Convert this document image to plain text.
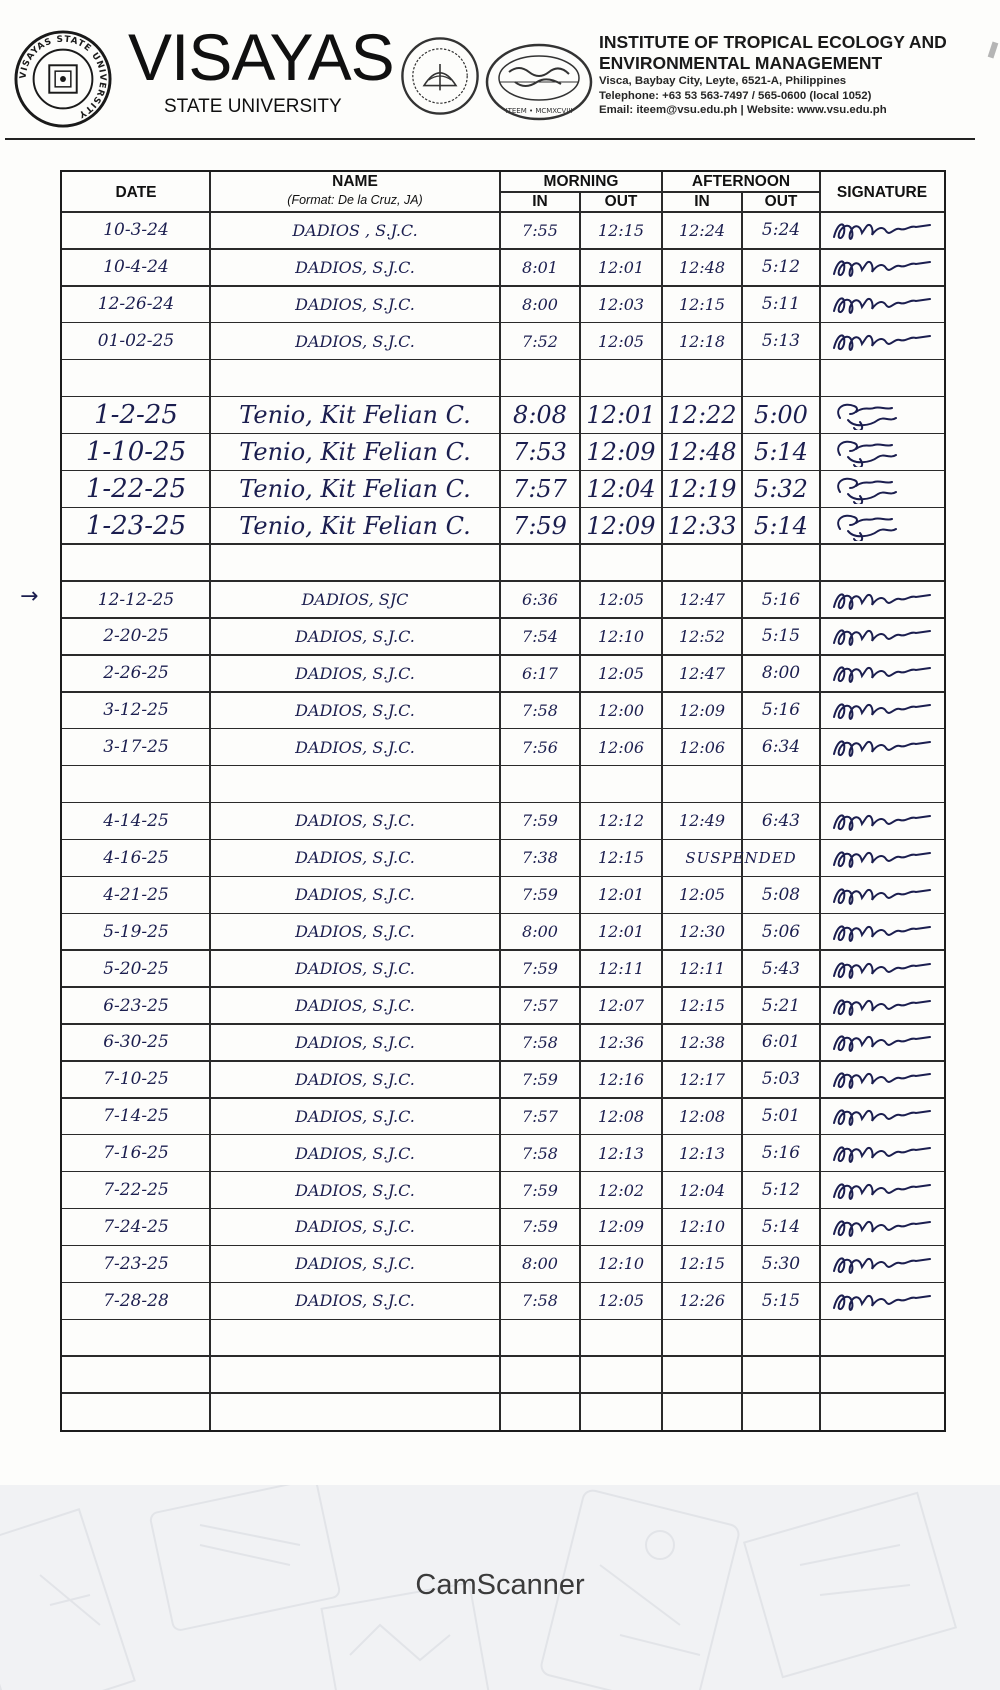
VISAYAS STATE UNIVERSITY
VISAYAS
STATE UNIVERSITY	ITEEM • MCMXCVIII
INSTITUTE OF TROPICAL ECOLOGY AND ENVIRONMENTAL MANAGEMENT
Visca, Baybay City, Leyte, 6521-A, Philippines
Telephone: +63 53 563-7497 / 565-0600 (local 1052)
Email: iteem@vsu.edu.ph | Website: www.vsu.edu.ph
DATE
NAME
(Format: De la Cruz, JA)
MORNING	AFTERNOON
IN	OUT	IN	OUT
SIGNATURE
10-3-24	DADIOS , S.J.C.	7:55	12:15	12:24	5:24
10-4-24	DADIOS, S.J.C.	8:01	12:01	12:48	5:12
12-26-24	DADIOS, S.J.C.	8:00	12:03	12:15	5:11
01-02-25	DADIOS, S.J.C.	7:52	12:05	12:18	5:13
1-2-25	Tenio, Kit Felian C.	8:08 12:01 12:22 5:00
1-10-25	Tenio, Kit Felian C.	7:53 12:09 12:48 5:14
1-22-25	Tenio, Kit Felian C.	7:57 12:04 12:19 5:32
1-23-25	Tenio, Kit Felian C.	7:59 12:09 12:33 5:14
12-12-25	DADIOS, SJC	6:36	12:05	12:47	5:16
2-20-25	DADIOS, S.J.C.	7:54	12:10	12:52	5:15
2-26-25	DADIOS, S.J.C.	6:17	12:05	12:47	8:00
3-12-25	DADIOS, S.J.C.	7:58	12:00	12:09	5:16
3-17-25	DADIOS, S.J.C.	7:56	12:06	12:06	6:34
4-14-25	DADIOS, S.J.C.	7:59	12:12	12:49	6:43
4-16-25	DADIOS, S.J.C.	7:38	12:15	SUSPENDED
4-21-25	DADIOS, S.J.C.	7:59	12:01	12:05	5:08
5-19-25	DADIOS, S.J.C.	8:00	12:01	12:30	5:06
5-20-25	DADIOS, S.J.C.	7:59	12:11	12:11	5:43
6-23-25	DADIOS, S.J.C.	7:57	12:07	12:15	5:21
6-30-25	DADIOS, S.J.C.	7:58	12:36	12:38	6:01
7-10-25	DADIOS, S.J.C.	7:59	12:16	12:17	5:03
7-14-25	DADIOS, S.J.C.	7:57	12:08	12:08	5:01
7-16-25	DADIOS, S.J.C.	7:58	12:13	12:13	5:16
7-22-25	DADIOS, S.J.C.	7:59	12:02	12:04	5:12
7-24-25	DADIOS, S.J.C.	7:59	12:09	12:10	5:14
7-23-25	DADIOS, S.J.C.	8:00	12:10	12:15	5:30
7-28-28	DADIOS, S.J.C.	7:58	12:05	12:26	5:15
CamScanner
→
